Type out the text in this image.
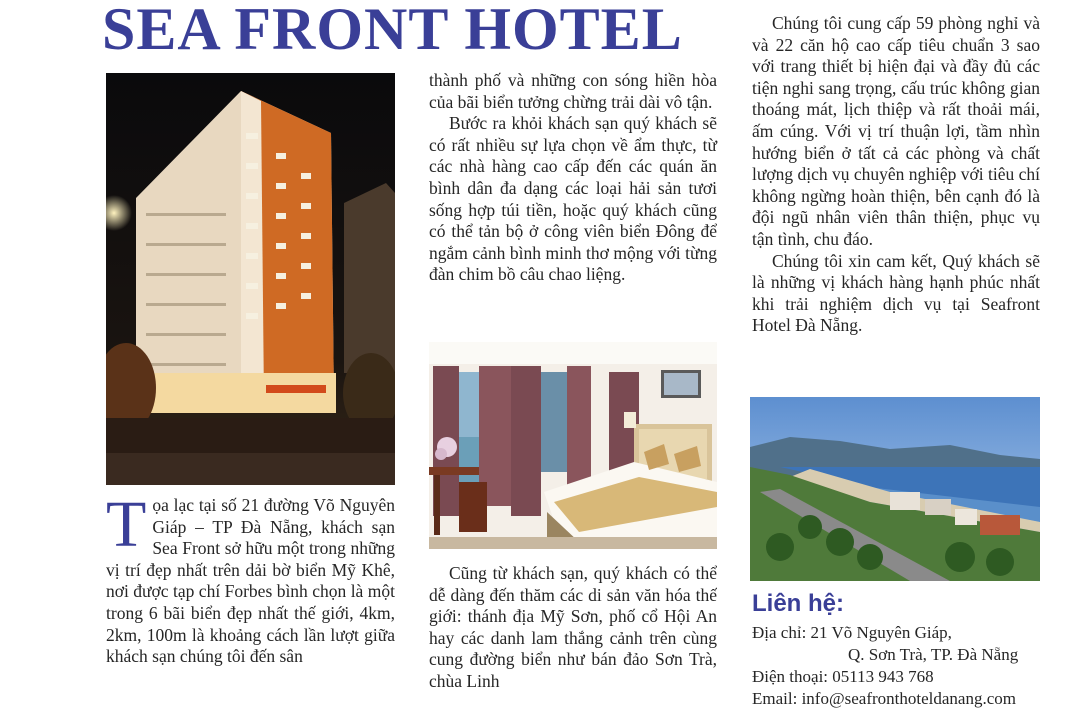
SEA FRONT HOTEL
T ọa lạc tại số 21 đường Võ Nguyên Giáp – TP Đà Nẵng, khách sạn Sea Front sở hữu một trong những vị trí đẹp nhất trên dải bờ biển Mỹ Khê, nơi được tạp chí Forbes bình chọn là một trong 6 bãi biển đẹp nhất thế giới, 4km, 2km, 100m là khoảng cách lần lượt giữa khách sạn chúng tôi đến sân

thành phố và những con sóng hiền hòa của bãi biển tưởng chừng trải dài vô tận.

Bước ra khỏi khách sạn quý khách sẽ có rất nhiều sự lựa chọn về ẩm thực, từ các nhà hàng cao cấp đến các quán ăn bình dân đa dạng các loại hải sản tươi sống hợp túi tiền, hoặc quý khách cũng có thể tản bộ ở công viên biển Đông để ngắm cảnh bình minh thơ mộng với từng đàn chim bồ câu chao liệng.

Cũng từ khách sạn, quý khách có thể dễ dàng đến thăm các di sản văn hóa thế giới: thánh địa Mỹ Sơn, phố cổ Hội An hay các danh lam thắng cảnh trên cùng cung đường biển như bán đảo Sơn Trà, chùa Linh

Chúng tôi cung cấp 59 phòng nghỉ và và 22 căn hộ cao cấp tiêu chuẩn 3 sao với trang thiết bị hiện đại và đầy đủ các tiện nghi sang trọng, cấu trúc không gian thoáng mát, lịch thiệp và rất thoải mái, ấm cúng. Với vị trí thuận lợi, tầm nhìn hướng biển ở tất cả các phòng và chất lượng dịch vụ chuyên nghiệp với tiêu chí không ngừng hoàn thiện, bên cạnh đó là đội ngũ nhân viên thân thiện, phục vụ tận tình, chu đáo.

Chúng tôi xin cam kết, Quý khách sẽ là những vị khách hàng hạnh phúc nhất khi trải nghiệm dịch vụ tại Seafront Hotel Đà Nẵng.

Liên hệ:
Địa chỉ: 21 Võ Nguyên Giáp,
Q. Sơn Trà, TP. Đà Nẵng
Điện thoại: 05113 943 768
Email: info@seafronthoteldanang.com
